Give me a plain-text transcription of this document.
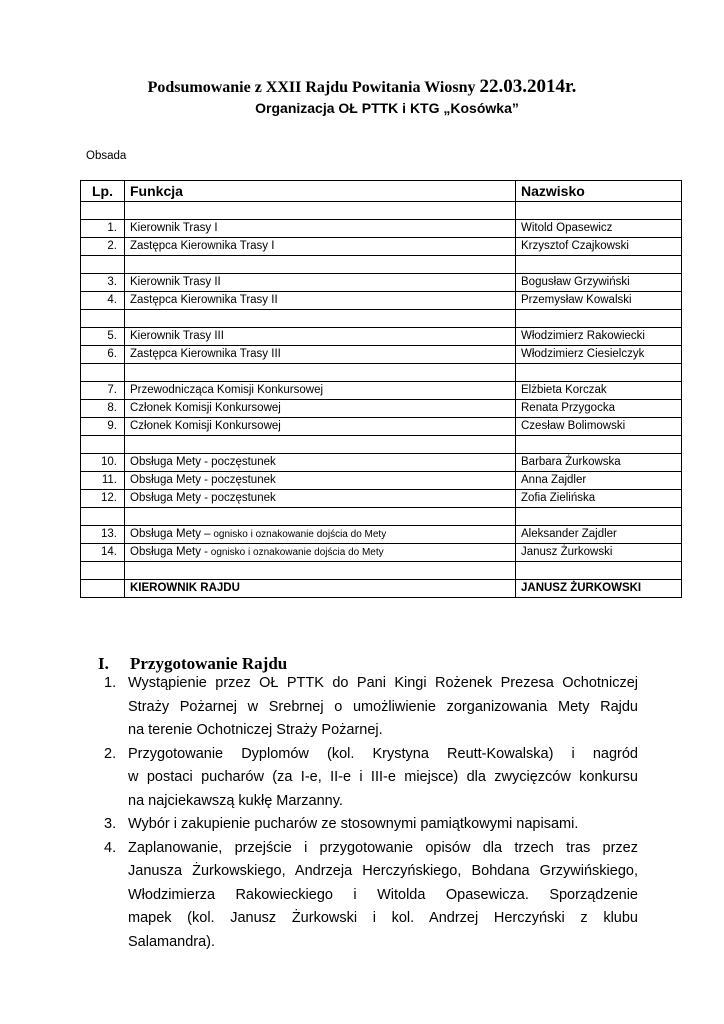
Podsumowanie z XXII Rajdu Powitania Wiosny 22.03.2014r.
Organizacja OŁ PTTK i KTG „Kosówka”
Obsada
Lp.	Funkcja	Nazwisko

1.	Kierownik Trasy I	Witold Opasewicz
2.	Zastępca Kierownika Trasy I	Krzysztof Czajkowski

3.	Kierownik Trasy II	Bogusław Grzywiński
4.	Zastępca Kierownika Trasy II	Przemysław Kowalski

5.	Kierownik Trasy III	Włodzimierz Rakowiecki
6.	Zastępca Kierownika Trasy III	Włodzimierz Ciesielczyk

7.	Przewodnicząca Komisji Konkursowej	Elżbieta Korczak
8.	Członek Komisji Konkursowej	Renata Przygocka
9.	Członek Komisji Konkursowej	Czesław Bolimowski

10.	Obsługa Mety - poczęstunek	Barbara Żurkowska
11.	Obsługa Mety - poczęstunek	Anna Zajdler
12.	Obsługa Mety - poczęstunek	Zofia Zielińska

13.	Obsługa Mety – ognisko i oznakowanie dojścia do Mety	Aleksander Zajdler
14.	Obsługa Mety - ognisko i oznakowanie dojścia do Mety	Janusz Żurkowski

	KIEROWNIK RAJDU	JANUSZ ŻURKOWSKI
I. Przygotowanie Rajdu
1. Wystąpienie przez OŁ PTTK do Pani Kingi Rożenek Prezesa Ochotniczej
Straży Pożarnej w Srebrnej o umożliwienie zorganizowania Mety Rajdu
na terenie Ochotniczej Straży Pożarnej.
2. Przygotowanie Dyplomów (kol. Krystyna Reutt-Kowalska) i nagród
w postaci pucharów (za I-e, II-e i III-e miejsce) dla zwycięzców konkursu
na najciekawszą kukłę Marzanny.
3. Wybór i zakupienie pucharów ze stosownymi pamiątkowymi napisami.
4. Zaplanowanie, przejście i przygotowanie opisów dla trzech tras przez
Janusza Żurkowskiego, Andrzeja Herczyńskiego, Bohdana Grzywińskiego,
Włodzimierza Rakowieckiego i Witolda Opasewicza. Sporządzenie
mapek (kol. Janusz Żurkowski i kol. Andrzej Herczyński z klubu
Salamandra).
